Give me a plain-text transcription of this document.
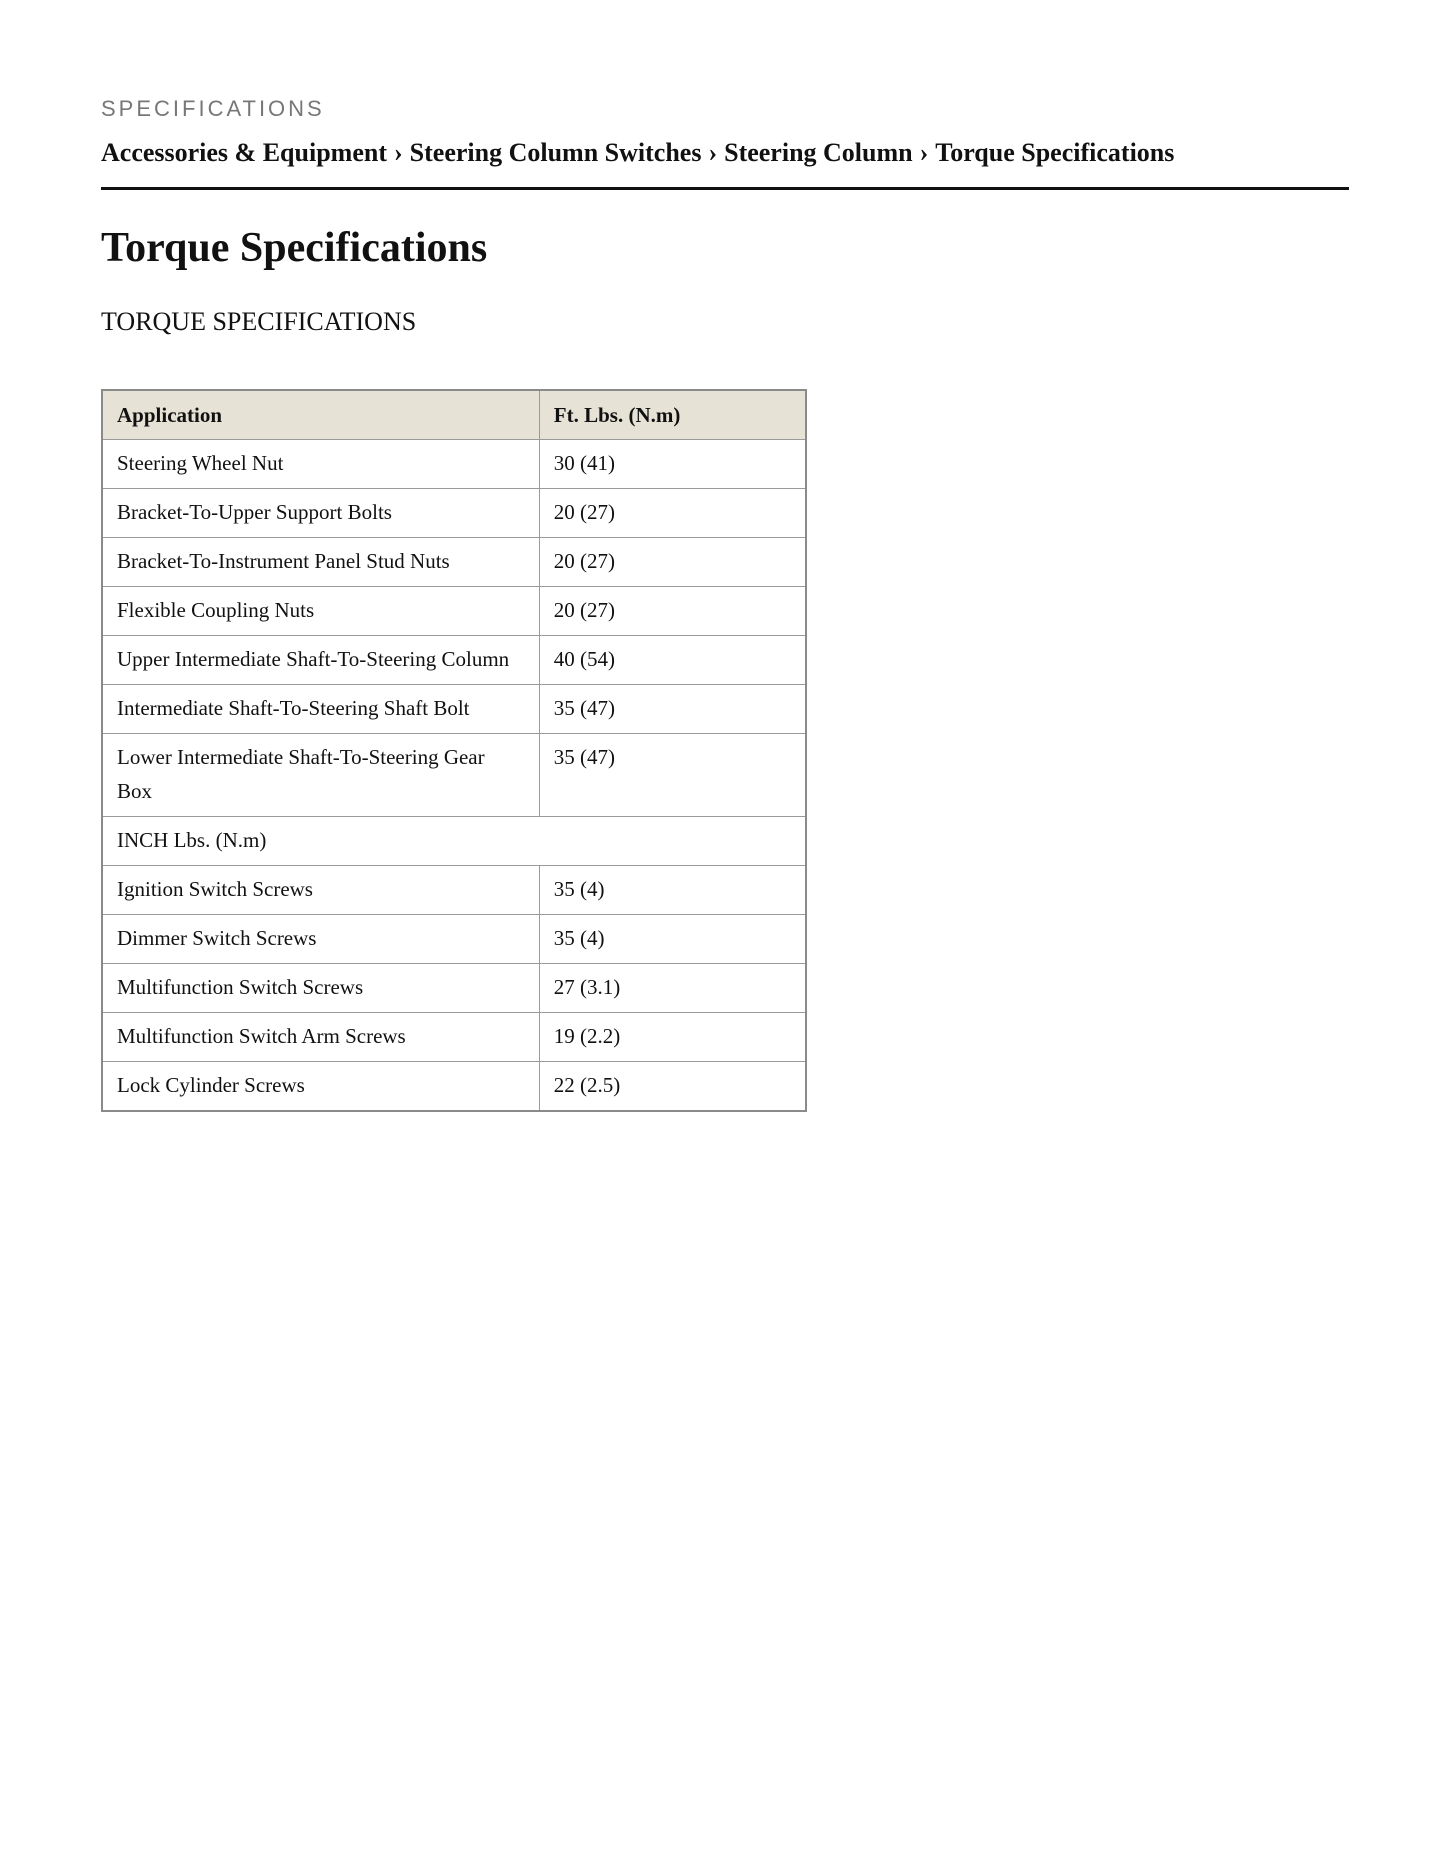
SPECIFICATIONS
Accessories & Equipment › Steering Column Switches › Steering Column › Torque Specifications
Torque Specifications
TORQUE SPECIFICATIONS
Application	Ft. Lbs. (N.m)
Steering Wheel Nut	30 (41)
Bracket-To-Upper Support Bolts	20 (27)
Bracket-To-Instrument Panel Stud Nuts	20 (27)
Flexible Coupling Nuts	20 (27)
Upper Intermediate Shaft-To-Steering Column	40 (54)
Intermediate Shaft-To-Steering Shaft Bolt	35 (47)
Lower Intermediate Shaft-To-Steering Gear Box	35 (47)
INCH Lbs. (N.m)	
Ignition Switch Screws	35 (4)
Dimmer Switch Screws	35 (4)
Multifunction Switch Screws	27 (3.1)
Multifunction Switch Arm Screws	19 (2.2)
Lock Cylinder Screws	22 (2.5)
